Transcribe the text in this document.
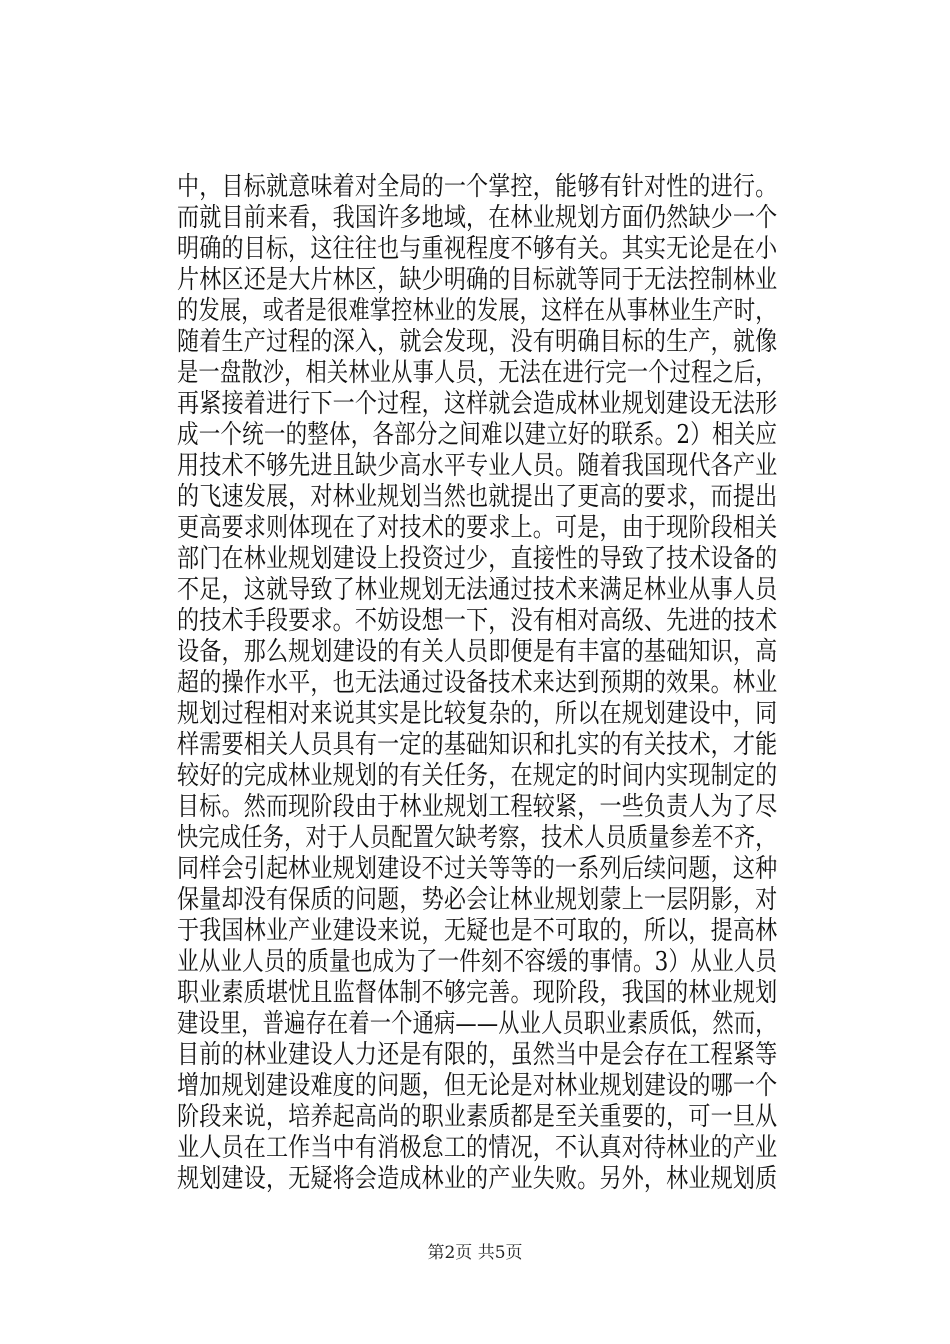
中，目标就意味着对全局的一个掌控，能够有针对性的进行。
而就目前来看，我国许多地域，在林业规划方面仍然缺少一个
明确的目标，这往往也与重视程度不够有关。其实无论是在小
片林区还是大片林区，缺少明确的目标就等同于无法控制林业
的发展，或者是很难掌控林业的发展，这样在从事林业生产时，
随着生产过程的深入，就会发现，没有明确目标的生产，就像
是一盘散沙，相关林业从事人员，无法在进行完一个过程之后，
再紧接着进行下一个过程，这样就会造成林业规划建设无法形
成一个统一的整体，各部分之间难以建立好的联系。2）相关应
用技术不够先进且缺少高水平专业人员。随着我国现代各产业
的飞速发展，对林业规划当然也就提出了更高的要求，而提出
更高要求则体现在了对技术的要求上。可是，由于现阶段相关
部门在林业规划建设上投资过少，直接性的导致了技术设备的
不足，这就导致了林业规划无法通过技术来满足林业从事人员
的技术手段要求。不妨设想一下，没有相对高级、先进的技术
设备，那么规划建设的有关人员即便是有丰富的基础知识，高
超的操作水平，也无法通过设备技术来达到预期的效果。林业
规划过程相对来说其实是比较复杂的，所以在规划建设中，同
样需要相关人员具有一定的基础知识和扎实的有关技术，才能
较好的完成林业规划的有关任务，在规定的时间内实现制定的
目标。然而现阶段由于林业规划工程较紧，一些负责人为了尽
快完成任务，对于人员配置欠缺考察，技术人员质量参差不齐，
同样会引起林业规划建设不过关等等的一系列后续问题，这种
保量却没有保质的问题，势必会让林业规划蒙上一层阴影，对
于我国林业产业建设来说，无疑也是不可取的，所以，提高林
业从业人员的质量也成为了一件刻不容缓的事情。3）从业人员
职业素质堪忧且监督体制不够完善。现阶段，我国的林业规划
建设里，普遍存在着一个通病——从业人员职业素质低，然而，
目前的林业建设人力还是有限的，虽然当中是会存在工程紧等
增加规划建设难度的问题，但无论是对林业规划建设的哪一个
阶段来说，培养起高尚的职业素质都是至关重要的，可一旦从
业人员在工作当中有消极怠工的情况，不认真对待林业的产业
规划建设，无疑将会造成林业的产业失败。另外，林业规划质
第2页 共5页
